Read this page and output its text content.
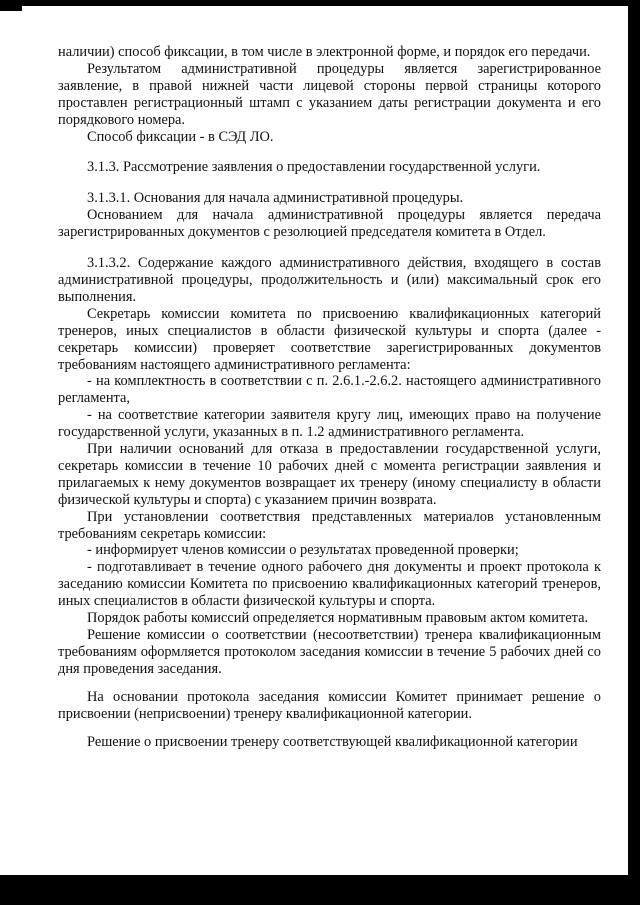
наличии) способ фиксации, в том числе в электронной форме, и порядок его передачи.

Результатом административной процедуры является зарегистрированное заявление, в правой нижней части лицевой стороны первой страницы которого проставлен регистрационный штамп с указанием даты регистрации документа и его порядкового номера.

Способ фиксации - в СЭД ЛО.

3.1.3. Рассмотрение заявления о предоставлении государственной услуги.

3.1.3.1. Основания для начала административной процедуры.

Основанием для начала административной процедуры является передача зарегистрированных документов с резолюцией председателя комитета в Отдел.

3.1.3.2. Содержание каждого административного действия, входящего в состав административной процедуры, продолжительность и (или) максимальный срок его выполнения.

Секретарь комиссии комитета по присвоению квалификационных категорий тренеров, иных специалистов в области физической культуры и спорта (далее - секретарь комиссии) проверяет соответствие зарегистрированных документов требованиям настоящего административного регламента:

- на комплектность в соответствии с п. 2.6.1.-2.6.2. настоящего административного регламента,

- на соответствие категории заявителя кругу лиц, имеющих право на получение государственной услуги, указанных в п. 1.2 административного регламента.

При наличии оснований для отказа в предоставлении государственной услуги, секретарь комиссии в течение 10 рабочих дней с момента регистрации заявления и прилагаемых к нему документов возвращает их тренеру (иному специалисту в области физической культуры и спорта) с указанием причин возврата.

При установлении соответствия представленных материалов установленным требованиям секретарь комиссии:

- информирует членов комиссии о результатах проведенной проверки;

- подготавливает в течение одного рабочего дня документы и проект протокола к заседанию комиссии Комитета по присвоению квалификационных категорий тренеров, иных специалистов в области физической культуры и спорта.

Порядок работы комиссий определяется нормативным правовым актом комитета.

Решение комиссии о соответствии (несоответствии) тренера квалификационным требованиям оформляется протоколом заседания комиссии в течение 5 рабочих дней со дня проведения заседания.

На основании протокола заседания комиссии Комитет принимает решение о присвоении (неприсвоении) тренеру квалификационной категории.

Решение о присвоении тренеру соответствующей квалификационной категории
